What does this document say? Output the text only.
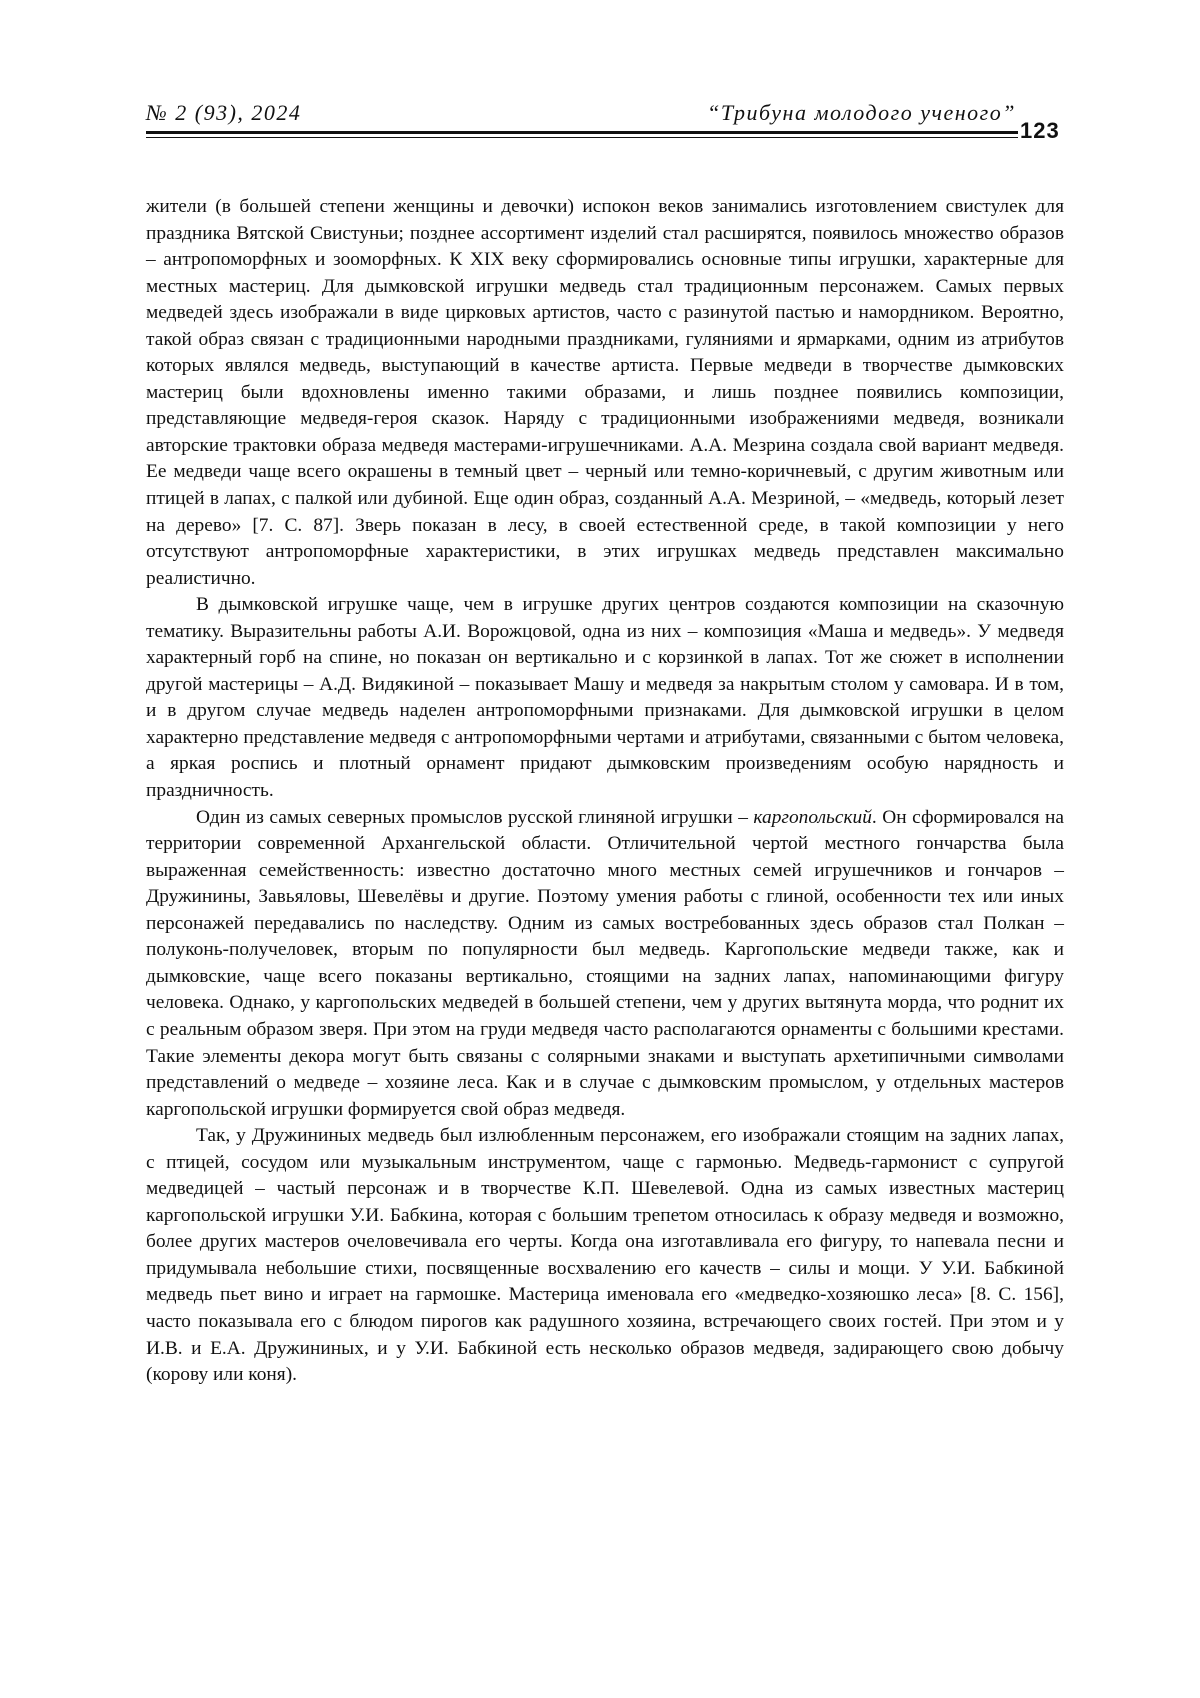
№ 2 (93), 2024	“Трибуна молодого ученого”
123

жители (в большей степени женщины и девочки) испокон веков занимались изготовлением свистулек для праздника Вятской Свистуньи; позднее ассортимент изделий стал расширят­ся, появилось множество образов – антропоморфных и зооморфных. К XIX веку сформиро­вались основные типы игрушки, характерные для местных мастериц. Для дымковской иг­рушки медведь стал традиционным персонажем. Самых первых медведей здесь изобража­ли в виде цирковых артистов, часто с разинутой пастью и намордником. Вероятно, такой образ связан с традиционными народными праздниками, гуляниями и ярмарками, одним из атрибутов которых являлся медведь, выступающий в качестве артиста. Первые медведи в творчестве дымковских мастериц были вдохновлены именно такими образами, и лишь позднее появились композиции, представляющие медведя-героя сказок. Наряду с традици­онными изображениями медведя, возникали авторские трактовки образа медведя мастера­ми-игрушечниками. А.А. Мезрина создала свой вариант медведя. Ее медведи чаще всего окрашены в темный цвет – черный или темно-коричневый, с другим животным или птицей в лапах, с палкой или дубиной. Еще один образ, созданный А.А. Мезриной, – «медведь, который лезет на дерево» [7. С. 87]. Зверь показан в лесу, в своей естественной среде, в такой композиции у него отсутствуют антропоморфные характеристики, в этих игрушках медведь представлен максимально реалистично.

В дымковской игрушке чаще, чем в игрушке других центров создаются композиции на сказочную тематику. Выразительны работы А.И. Ворожцовой, одна из них – композиция «Маша и медведь». У медведя характерный горб на спине, но показан он вертикально и с корзинкой в лапах. Тот же сюжет в исполнении другой мастерицы – А.Д. Видякиной – показывает Машу и медведя за накрытым столом у самовара. И в том, и в другом случае медведь наделен антропоморфными признаками. Для дымковской игрушки в целом характерно представление медведя с антропоморфными чертами и атрибутами, связанными с бытом человека, а яркая роспись и плотный орнамент придают дымковским произведе­ниям особую нарядность и праздничность.

Один из самых северных промыслов русской глиняной игрушки – каргопольский. Он сформировался на территории современной Архангельской области. Отличительной чер­той местного гончарства была выраженная семейственность: известно достаточно много местных семей игрушечников и гончаров – Дружинины, Завьяловы, Шевелёвы и другие. Поэтому умения работы с глиной, особенности тех или иных персонажей передавались по наследству. Одним из самых востребованных здесь образов стал Полкан – полуконь-получеловек, вторым по популярности был медведь. Каргопольские медведи также, как и дымковские, чаще всего показаны вертикально, стоящими на задних лапах, напоминающими фигуру человека. Однако, у каргопольских медведей в большей степени, чем у других вытянута морда, что роднит их с реальным образом зверя. При этом на груди медведя часто располагаются орнаменты с большими крестами. Такие элементы декора могут быть связаны с солярными знаками и выступать архетипичными символами представлений о медведе – хозяине леса. Как и в случае с дымковским промыслом, у отдельных мастеров каргопольской игрушки формируется свой образ медведя.

Так, у Дружининых медведь был излюбленным персонажем, его изображали стоящим на задних лапах, с птицей, сосудом или музыкальным инструментом, чаще с гармонью. Медведь-гармонист с супругой медведицей – частый персонаж и в творчестве К.П. Ше­велевой. Одна из самых известных мастериц каргопольской игрушки У.И. Бабкина, которая с большим трепетом относилась к образу медведя и возможно, более других мастеров очеловечивала его черты. Когда она изготавливала его фигуру, то напевала песни и приду­мывала небольшие стихи, посвященные восхвалению его качеств – силы и мощи. У У.И. Баб­киной медведь пьет вино и играет на гармошке. Мастерица именовала его «медведко-хозяюшко леса» [8. С. 156], часто показывала его с блюдом пирогов как радушного хозя­ина, встречающего своих гостей. При этом и у И.В. и Е.А. Дружининых, и у У.И. Бабкиной есть несколько образов медведя, задирающего свою добычу (корову или коня).
